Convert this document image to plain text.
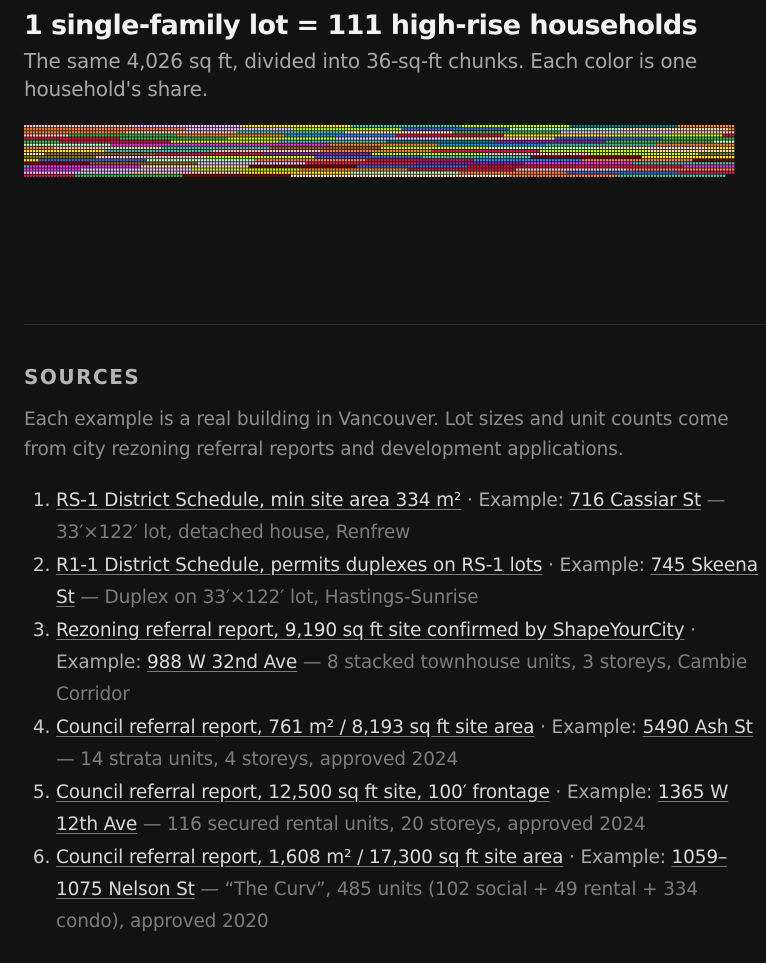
1 single-family lot = 111 high-rise households

The same 4,026 sq ft, divided into 36-sq-ft chunks. Each color is one household's share.

SOURCES

Each example is a real building in Vancouver. Lot sizes and unit counts come from city rezoning referral reports and development applications.

1. RS-1 District Schedule, min site area 334 m² · Example: 716 Cassiar St — 33′×122′ lot, detached house, Renfrew
2. R1-1 District Schedule, permits duplexes on RS-1 lots · Example: 745 Skeena St — Duplex on 33′×122′ lot, Hastings-Sunrise
3. Rezoning referral report, 9,190 sq ft site confirmed by ShapeYourCity · Example: 988 W 32nd Ave — 8 stacked townhouse units, 3 storeys, Cambie Corridor
4. Council referral report, 761 m² / 8,193 sq ft site area · Example: 5490 Ash St — 14 strata units, 4 storeys, approved 2024
5. Council referral report, 12,500 sq ft site, 100′ frontage · Example: 1365 W 12th Ave — 116 secured rental units, 20 storeys, approved 2024
6. Council referral report, 1,608 m² / 17,300 sq ft site area · Example: 1059–1075 Nelson St — “The Curv”, 485 units (102 social + 49 rental + 334 condo), approved 2020
